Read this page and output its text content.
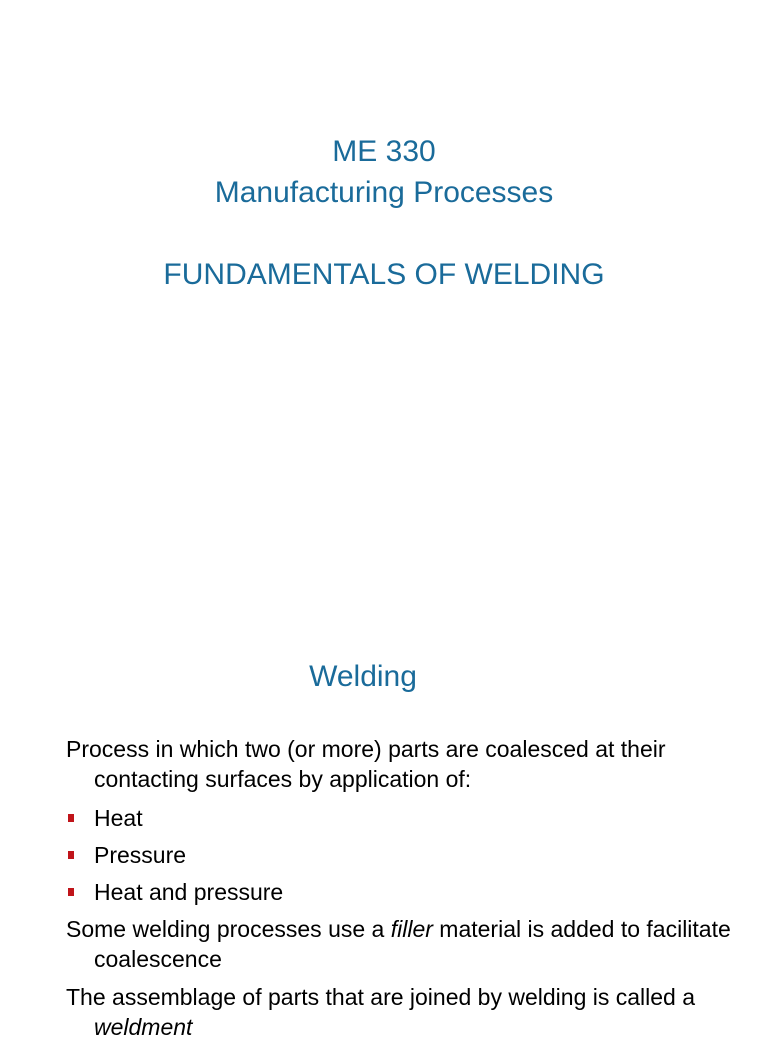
ME 330
Manufacturing Processes
FUNDAMENTALS OF WELDING
Welding
Process in which two (or more) parts are coalesced at their contacting surfaces by application of:
Heat
Pressure
Heat and pressure
Some welding processes use a filler material is added to facilitate coalescence
The assemblage of parts that are joined by welding is called a weldment
